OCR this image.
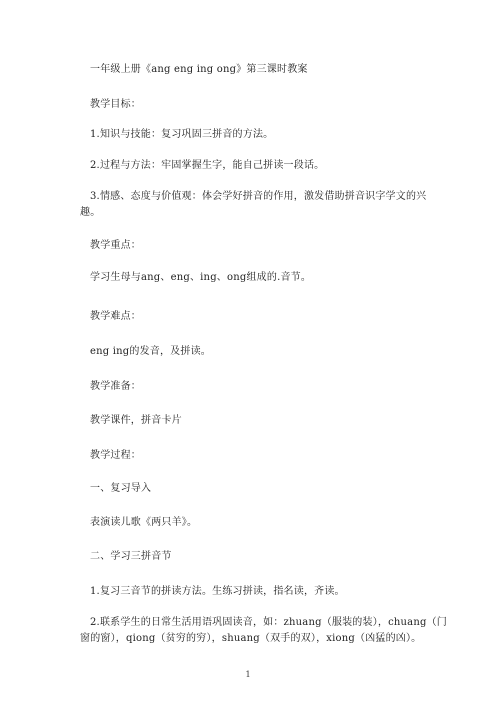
一年级上册《ang eng ing ong》第三课时教案
教学目标：
1.知识与技能：复习巩固三拼音的方法。
2.过程与方法：牢固掌握生字，能自己拼读一段话。
3.情感、态度与价值观：体会学好拼音的作用，激发借助拼音识字学文的兴
趣。
教学重点：
学习生母与ang、eng、ing、ong组成的.音节。
教学难点：
eng ing的发音，及拼读。
教学准备：
教学课件，拼音卡片
教学过程：
一、复习导入
表演读儿歌《两只羊》。
二、学习三拼音节
1.复习三音节的拼读方法。生练习拼读，指名读，齐读。
2.联系学生的日常生活用语巩固读音，如：zhuang（服装的装），chuang（门
窗的窗），qiong（贫穷的穷），shuang（双手的双），xiong（凶猛的凶）。
1
